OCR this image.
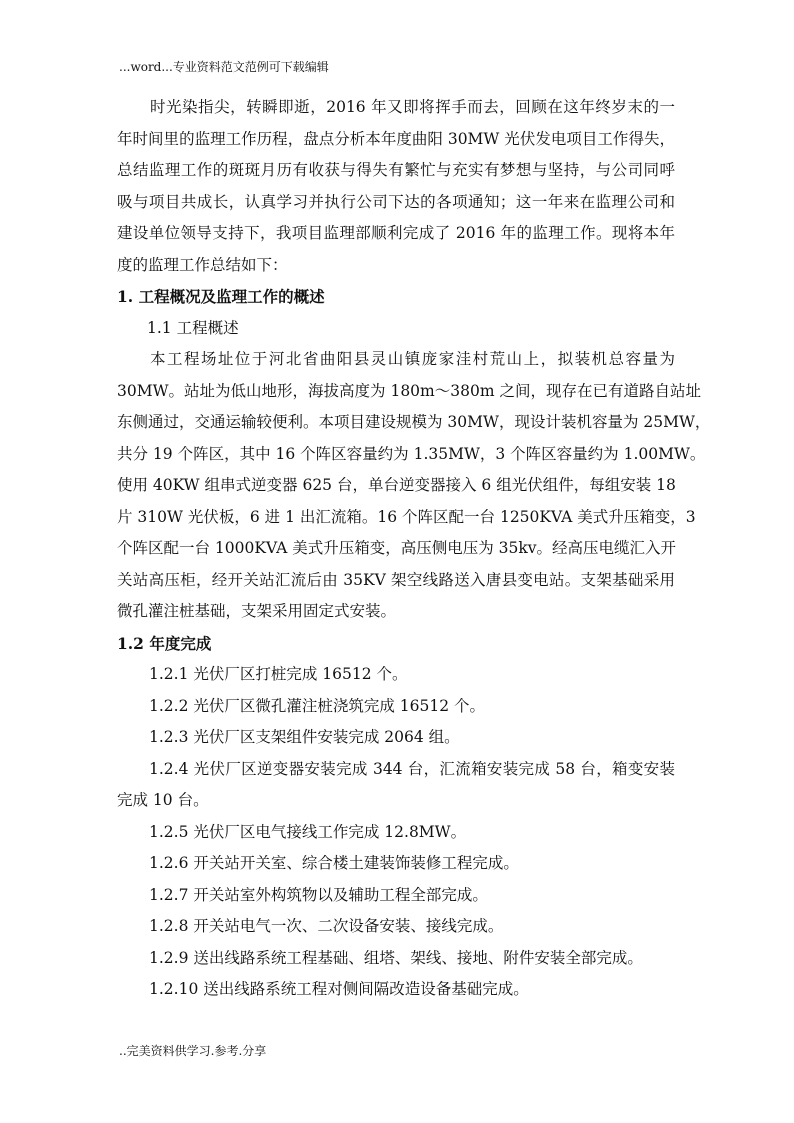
...word...专业资料范文范例可下载编辑
时光染指尖，转瞬即逝，2016 年又即将挥手而去，回顾在这年终岁末的一
年时间里的监理工作历程，盘点分析本年度曲阳 30MW 光伏发电项目工作得失，
总结监理工作的斑斑月历有收获与得失有繁忙与充实有梦想与坚持，与公司同呼
吸与项目共成长，认真学习并执行公司下达的各项通知；这一年来在监理公司和
建设单位领导支持下，我项目监理部顺利完成了 2016 年的监理工作。现将本年
度的监理工作总结如下：
1. 工程概况及监理工作的概述
1.1 工程概述
本工程场址位于河北省曲阳县灵山镇庞家洼村荒山上，拟装机总容量为
30MW。站址为低山地形，海拔高度为 180m～380m 之间，现存在已有道路自站址
东侧通过，交通运输较便利。本项目建设规模为 30MW，现设计装机容量为 25MW，
共分 19 个阵区，其中 16 个阵区容量约为 1.35MW，3 个阵区容量约为 1.00MW。
使用 40KW 组串式逆变器 625 台，单台逆变器接入 6 组光伏组件，每组安装 18
片 310W 光伏板，6 进 1 出汇流箱。16 个阵区配一台 1250KVA 美式升压箱变，3
个阵区配一台 1000KVA 美式升压箱变，高压侧电压为 35kv。经高压电缆汇入开
关站高压柜，经开关站汇流后由 35KV 架空线路送入唐县变电站。支架基础采用
微孔灌注桩基础，支架采用固定式安装。
1.2 年度完成
1.2.1 光伏厂区打桩完成 16512 个。
1.2.2 光伏厂区微孔灌注桩浇筑完成 16512 个。
1.2.3 光伏厂区支架组件安装完成 2064 组。
1.2.4 光伏厂区逆变器安装完成 344 台，汇流箱安装完成 58 台，箱变安装
完成 10 台。
1.2.5 光伏厂区电气接线工作完成 12.8MW。
1.2.6 开关站开关室、综合楼土建装饰装修工程完成。
1.2.7 开关站室外构筑物以及辅助工程全部完成。
1.2.8 开关站电气一次、二次设备安装、接线完成。
1.2.9 送出线路系统工程基础、组塔、架线、接地、附件安装全部完成。
1.2.10 送出线路系统工程对侧间隔改造设备基础完成。
..完美资料供学习.参考.分享
